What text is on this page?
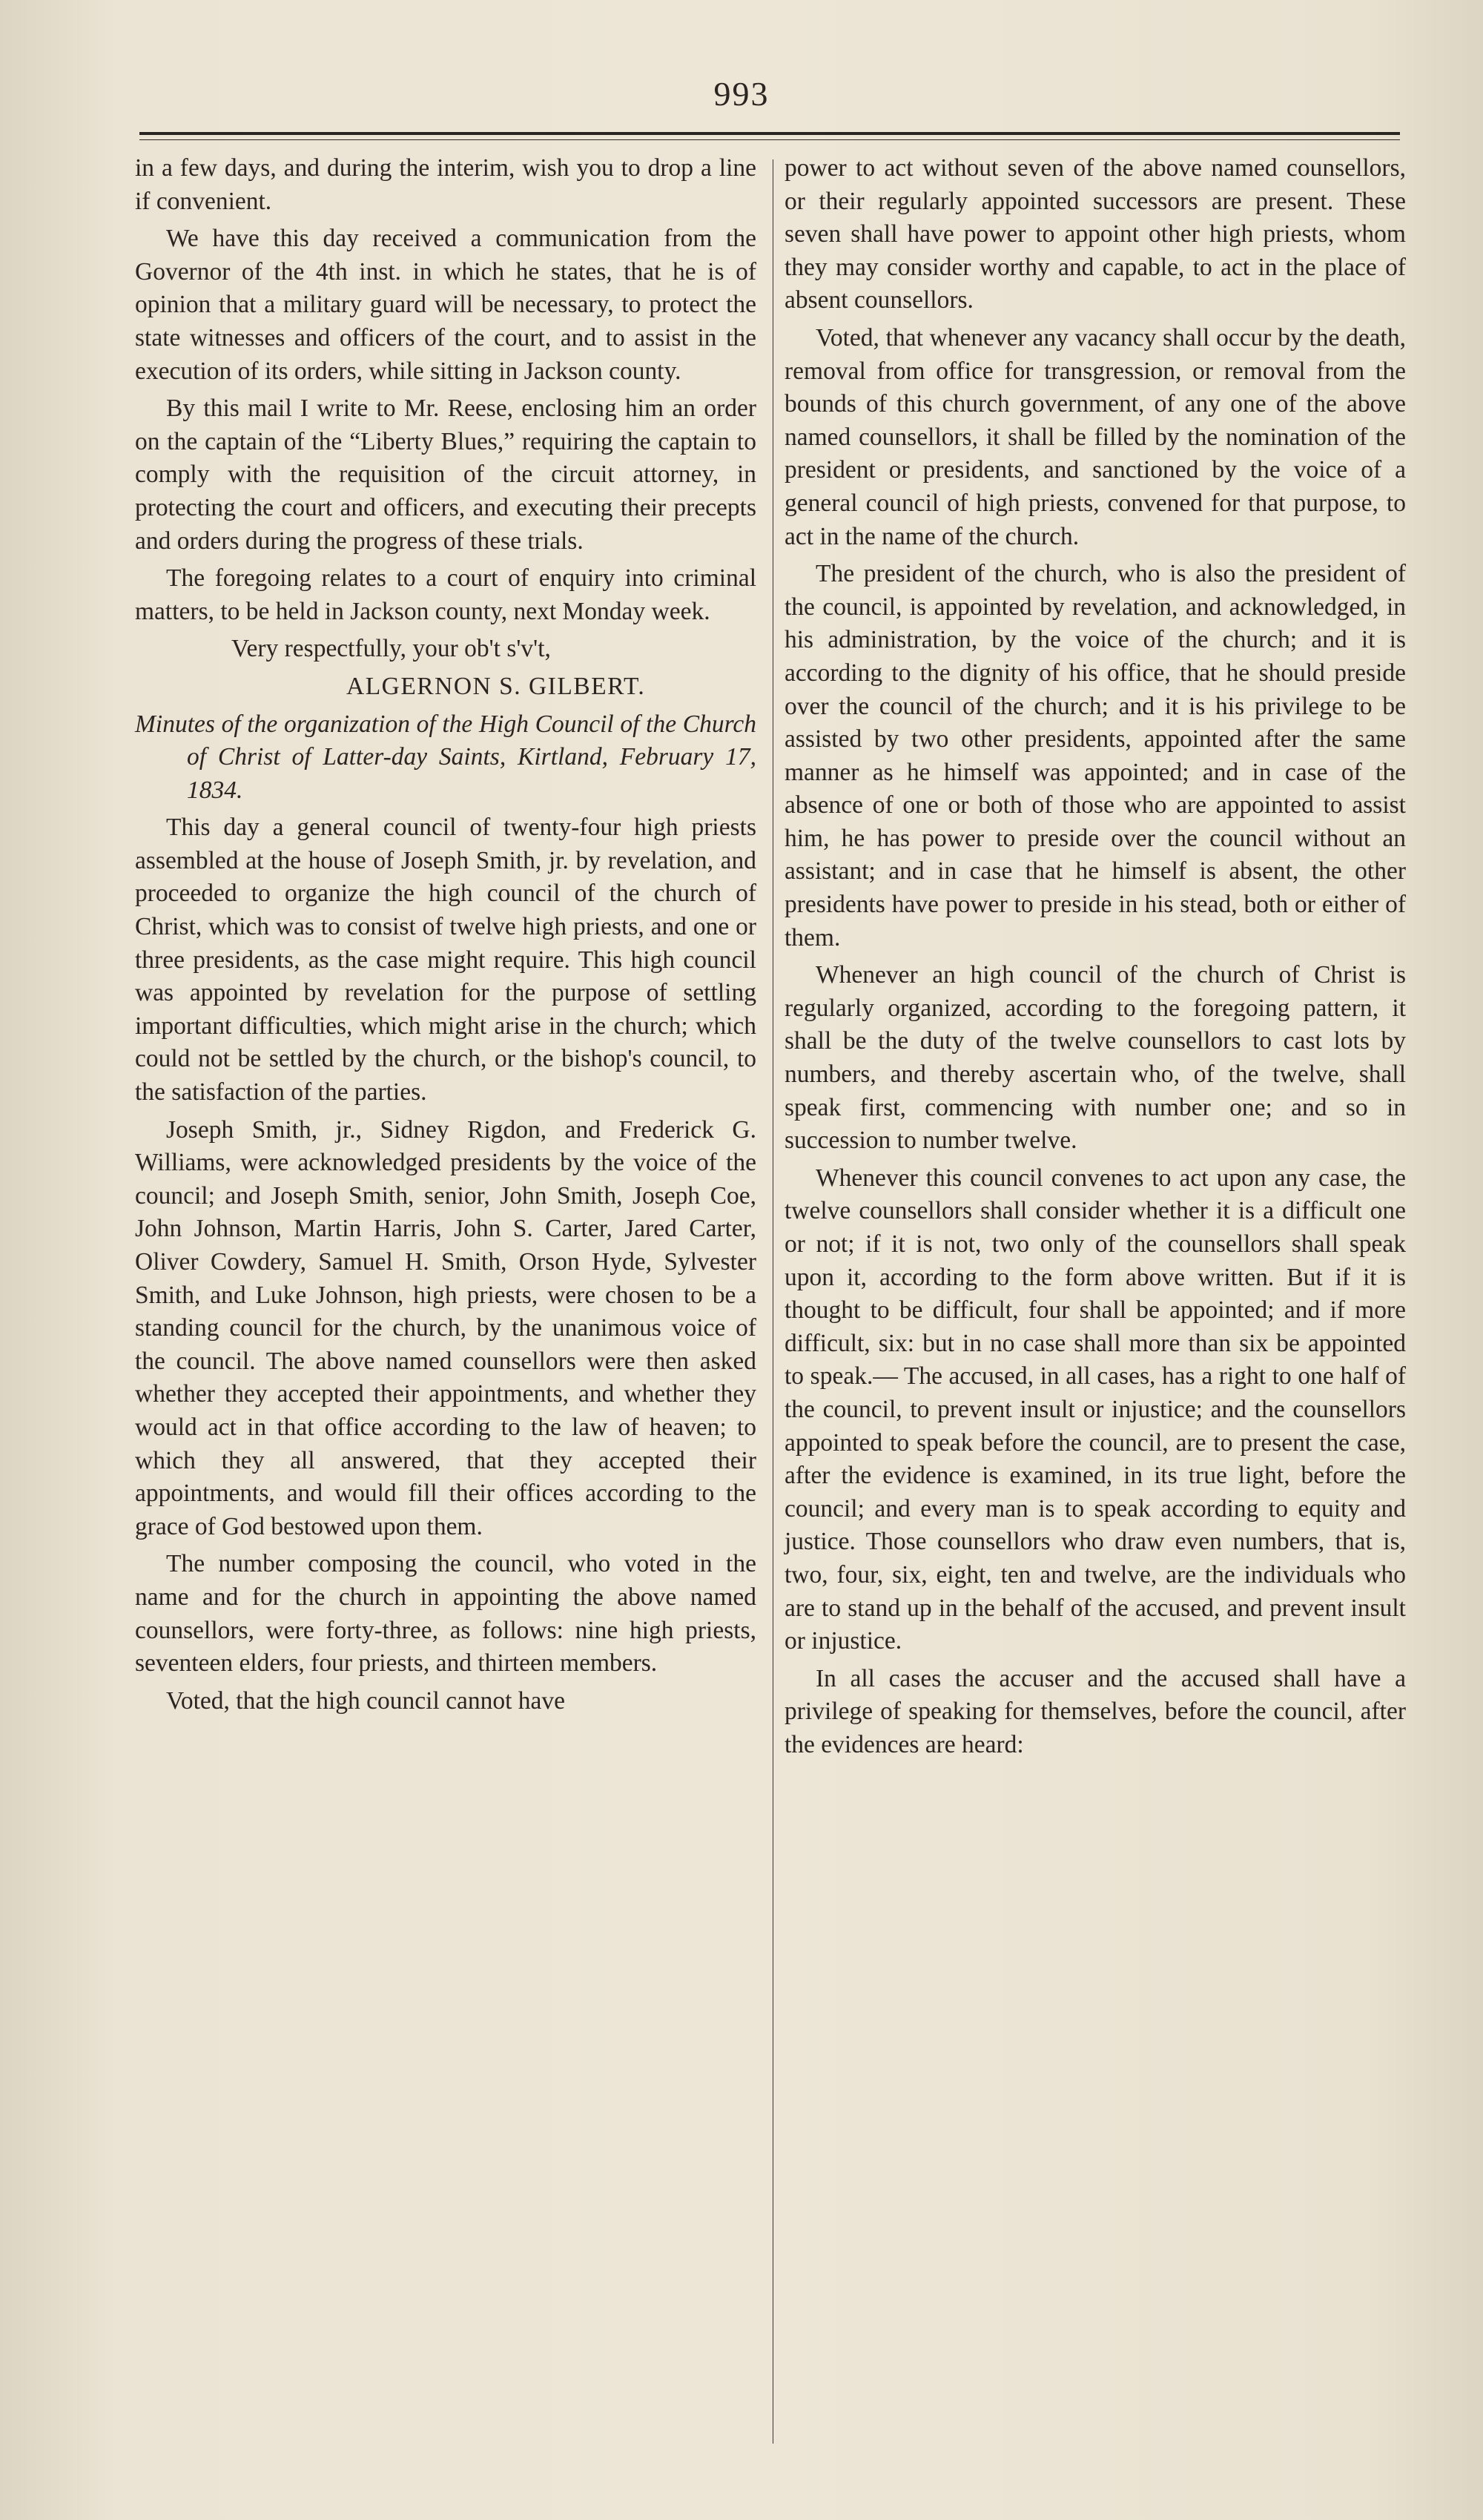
993

in a few days, and during the interim, wish you to drop a line if convenient.

We have this day received a communication from the Governor of the 4th inst. in which he states, that he is of opinion that a military guard will be necessary, to protect the state witnesses and officers of the court, and to assist in the execution of its orders, while sitting in Jackson county.

By this mail I write to Mr. Reese, enclosing him an order on the captain of the “Liberty Blues,” requiring the captain to comply with the requisition of the circuit attorney, in protecting the court and officers, and executing their precepts and orders during the progress of these trials.

The foregoing relates to a court of enquiry into criminal matters, to be held in Jackson county, next Monday week.

Very respectfully, your ob't s'v't,

ALGERNON S. GILBERT.

Minutes of the organization of the High Council of the Church of Christ of Latter-day Saints, Kirtland, February 17, 1834.

This day a general council of twenty-four high priests assembled at the house of Joseph Smith, jr. by revelation, and proceeded to organize the high council of the church of Christ, which was to consist of twelve high priests, and one or three presidents, as the case might require. This high council was appointed by revelation for the purpose of settling important difficulties, which might arise in the church; which could not be settled by the church, or the bishop's council, to the satisfaction of the parties.

Joseph Smith, jr., Sidney Rigdon, and Frederick G. Williams, were acknowledged presidents by the voice of the council; and Joseph Smith, senior, John Smith, Joseph Coe, John Johnson, Martin Harris, John S. Carter, Jared Carter, Oliver Cowdery, Samuel H. Smith, Orson Hyde, Sylvester Smith, and Luke Johnson, high priests, were chosen to be a standing council for the church, by the unanimous voice of the council. The above named counsellors were then asked whether they accepted their appointments, and whether they would act in that office according to the law of heaven; to which they all answered, that they accepted their appointments, and would fill their offices according to the grace of God bestowed upon them.

The number composing the council, who voted in the name and for the church in appointing the above named counsellors, were forty-three, as follows: nine high priests, seventeen elders, four priests, and thirteen members.

Voted, that the high council cannot have

power to act without seven of the above named counsellors, or their regularly appointed successors are present. These seven shall have power to appoint other high priests, whom they may consider worthy and capable, to act in the place of absent counsellors.

Voted, that whenever any vacancy shall occur by the death, removal from office for transgression, or removal from the bounds of this church government, of any one of the above named counsellors, it shall be filled by the nomination of the president or presidents, and sanctioned by the voice of a general council of high priests, convened for that purpose, to act in the name of the church.

The president of the church, who is also the president of the council, is appointed by revelation, and acknowledged, in his administration, by the voice of the church; and it is according to the dignity of his office, that he should preside over the council of the church; and it is his privilege to be assisted by two other presidents, appointed after the same manner as he himself was appointed; and in case of the absence of one or both of those who are appointed to assist him, he has power to preside over the council without an assistant; and in case that he himself is absent, the other presidents have power to preside in his stead, both or either of them.

Whenever an high council of the church of Christ is regularly organized, according to the foregoing pattern, it shall be the duty of the twelve counsellors to cast lots by numbers, and thereby ascertain who, of the twelve, shall speak first, commencing with number one; and so in succession to number twelve.

Whenever this council convenes to act upon any case, the twelve counsellors shall consider whether it is a difficult one or not; if it is not, two only of the counsellors shall speak upon it, according to the form above written. But if it is thought to be difficult, four shall be appointed; and if more difficult, six: but in no case shall more than six be appointed to speak.— The accused, in all cases, has a right to one half of the council, to prevent insult or injustice; and the counsellors appointed to speak before the council, are to present the case, after the evidence is examined, in its true light, before the council; and every man is to speak according to equity and justice. Those counsellors who draw even numbers, that is, two, four, six, eight, ten and twelve, are the individuals who are to stand up in the behalf of the accused, and prevent insult or injustice.

In all cases the accuser and the accused shall have a privilege of speaking for themselves, before the council, after the evidences are heard:
